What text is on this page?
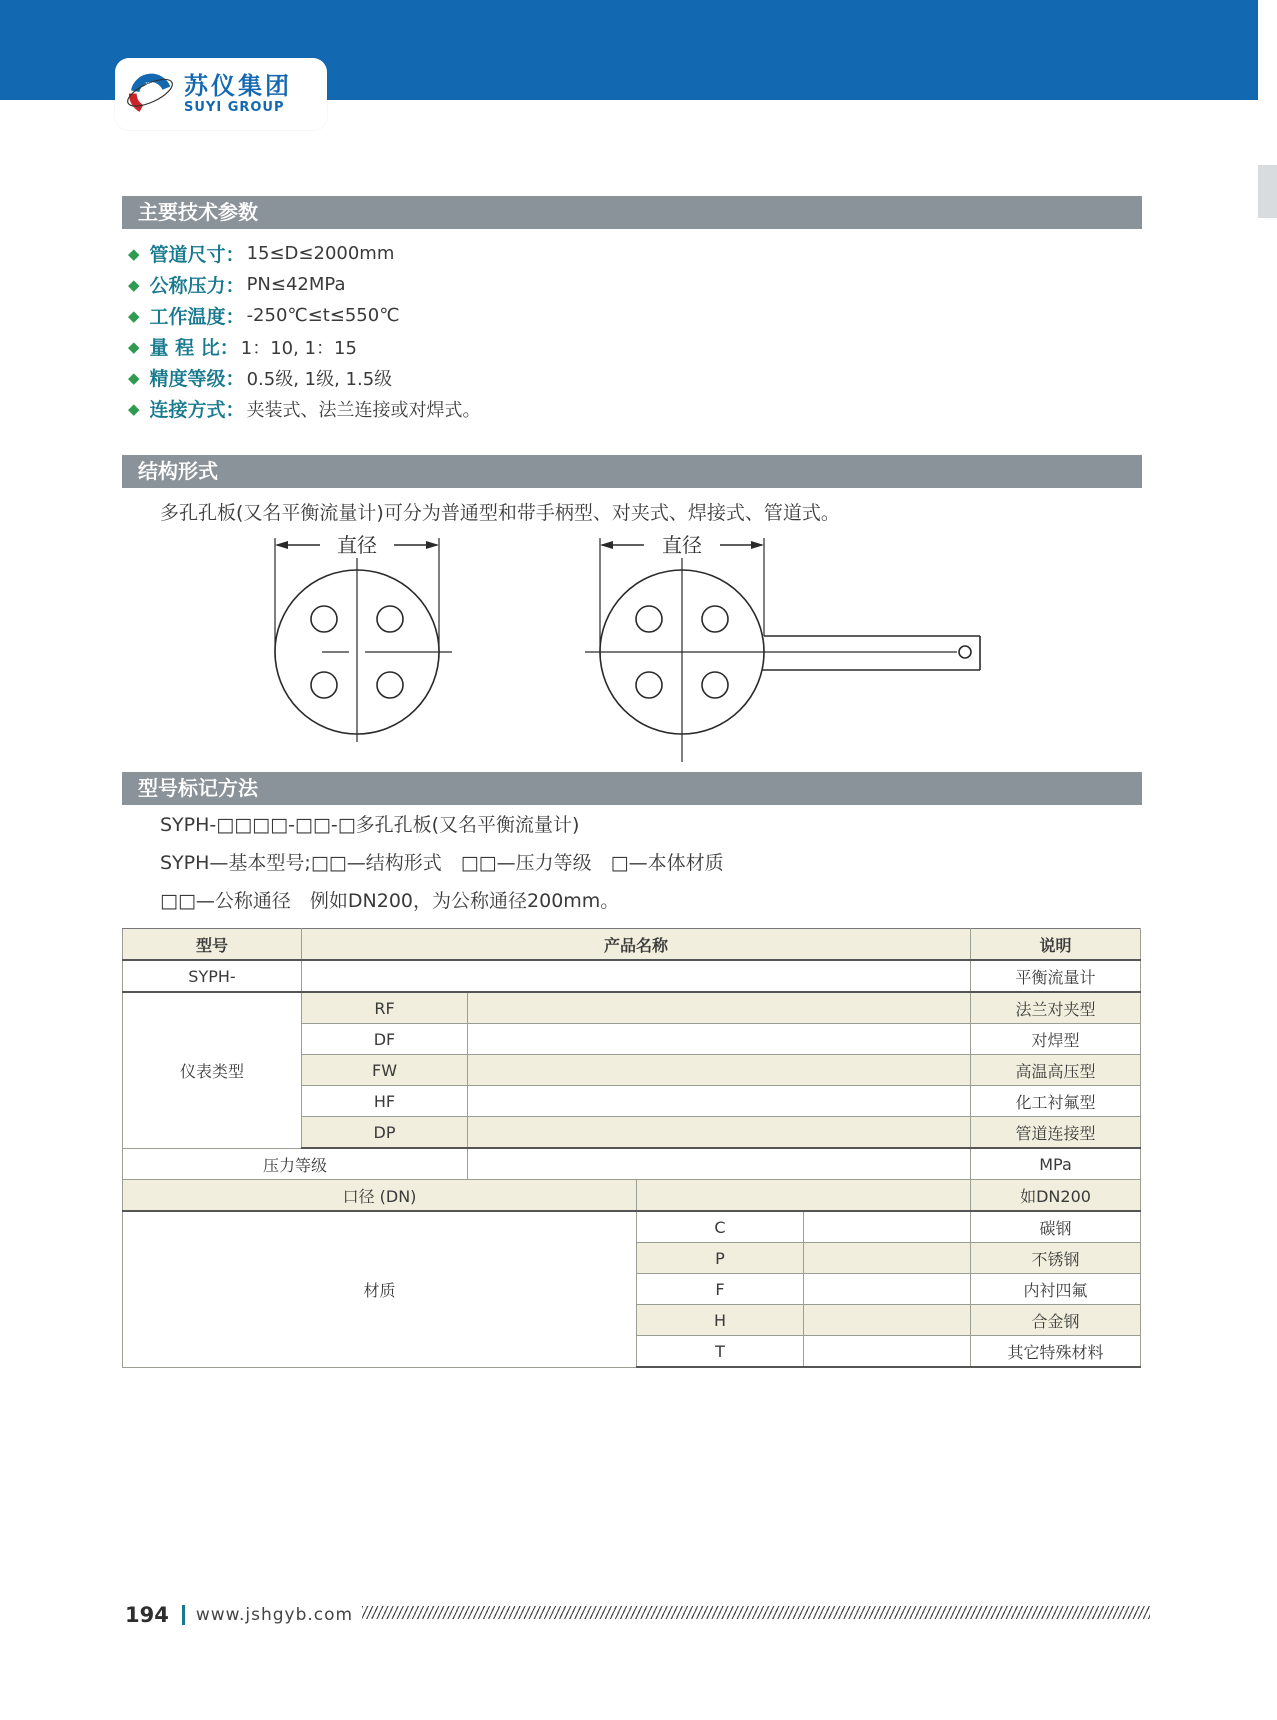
苏仪 苏仪集团
SUYI GROUP
主要技术参数
◆ 管道尺寸： 15≤D≤2000mm
◆ 公称压力： PN≤42MPa
◆ 工作温度： -250℃≤t≤550℃
◆ 量 程 比： 1：10, 1：15
◆ 精度等级： 0.5级, 1级, 1.5级
◆ 连接方式： 夹装式、法兰连接或对焊式。
结构形式
多孔孔板(又名平衡流量计)可分为普通型和带手柄型、对夹式、焊接式、管道式。
直径	直径
型号标记方法
SYPH-□□□□-□□-□多孔孔板(又名平衡流量计)
SYPH—基本型号;□□—结构形式　□□—压力等级　□—本体材质
□□—公称通径　例如DN200，为公称通径200mm。
型号	产品名称				说明
SYPH-					平衡流量计
仪表类型	RF				法兰对夹型
	DF				对焊型
	FW				高温高压型
	HF				化工衬氟型
	DP				管道连接型
压力等级					MPa
口径 (DN)					如DN200
材质			C		碳钢
			P		不锈钢
			F		内衬四氟
			H		合金钢
			T		其它特殊材料
194 www.jshgyb.com
